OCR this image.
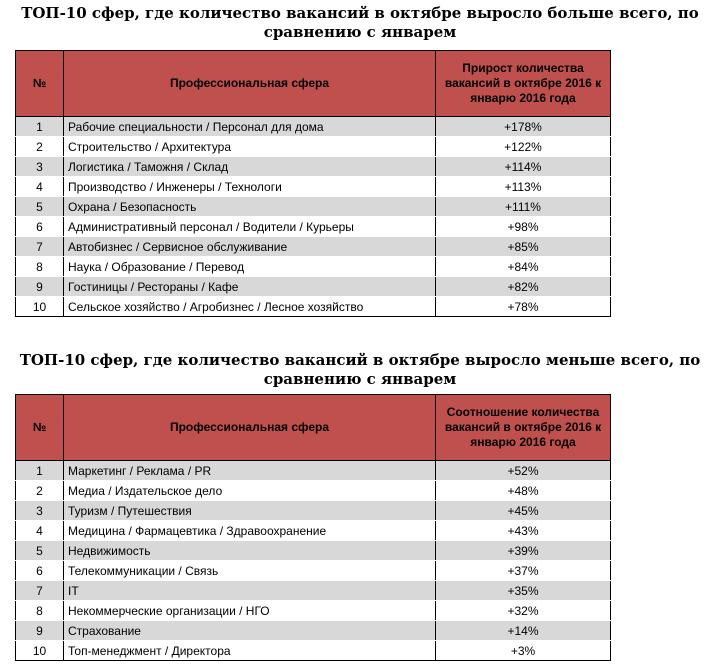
ТОП-10 сфер, где количество вакансий в октябре выросло больше всего, по
сравнению с январем
№	Профессиональная сфера	Прирост количества вакансий в октябре 2016 к январю 2016 года
1	Рабочие специальности / Персонал для дома	+178%
2	Строительство / Архитектура	+122%
3	Логистика / Таможня / Склад	+114%
4	Производство / Инженеры / Технологи	+113%
5	Охрана / Безопасность	+111%
6	Административный персонал / Водители / Курьеры	+98%
7	Автобизнес / Сервисное обслуживание	+85%
8	Наука / Образование / Перевод	+84%
9	Гостиницы / Рестораны / Кафе	+82%
10	Сельское хозяйство / Агробизнес / Лесное хозяйство	+78%
ТОП-10 сфер, где количество вакансий в октябре выросло меньше всего, по
сравнению с январем
№	Профессиональная сфера	Соотношение количества вакансий в октябре 2016 к январю 2016 года
1	Маркетинг / Реклама / PR	+52%
2	Медиа / Издательское дело	+48%
3	Туризм / Путешествия	+45%
4	Медицина / Фармацевтика / Здравоохранение	+43%
5	Недвижимость	+39%
6	Телекоммуникации / Связь	+37%
7	IT	+35%
8	Некоммерческие организации / НГО	+32%
9	Страхование	+14%
10	Топ-менеджмент / Директора	+3%
